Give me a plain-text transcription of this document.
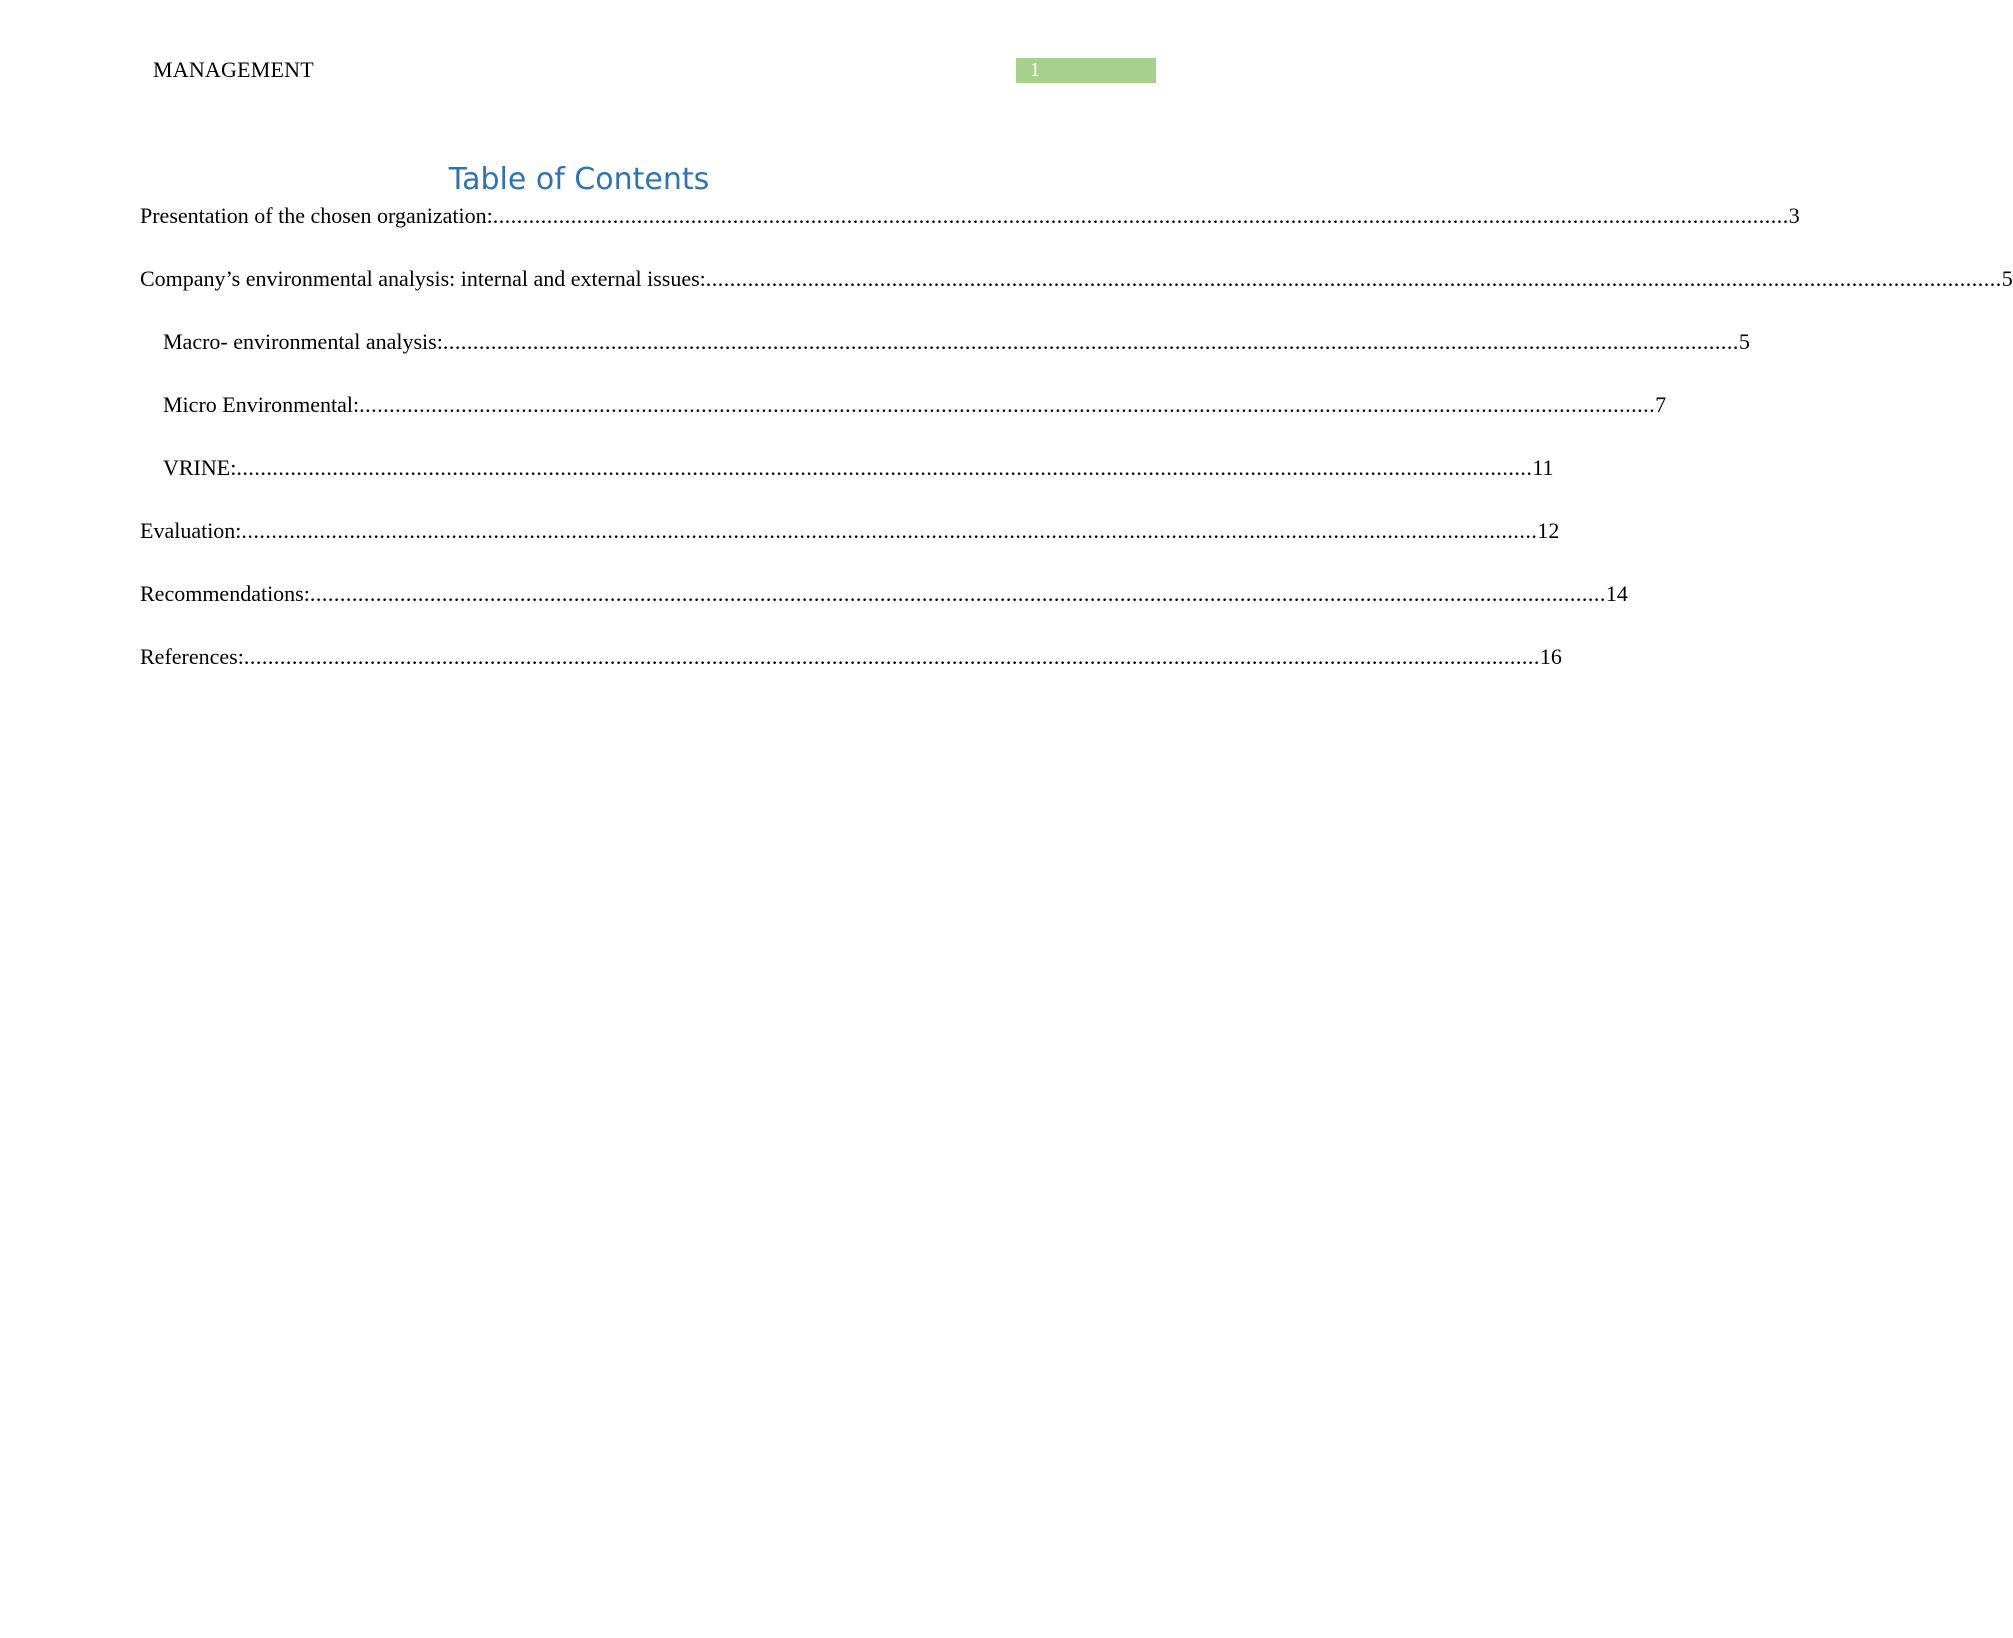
MANAGEMENT	1
Table of Contents
Presentation of the chosen organization: ........................................................................................................................................................................................................................ 3
Company’s environmental analysis: internal and external issues: ........................................................................................................................................................................................................................ 5
Macro- environmental analysis: ........................................................................................................................................................................................................................ 5
Micro Environmental: ........................................................................................................................................................................................................................ 7
VRINE: ........................................................................................................................................................................................................................ 11
Evaluation: ........................................................................................................................................................................................................................ 12
Recommendations: ........................................................................................................................................................................................................................ 14
References: ........................................................................................................................................................................................................................ 16
